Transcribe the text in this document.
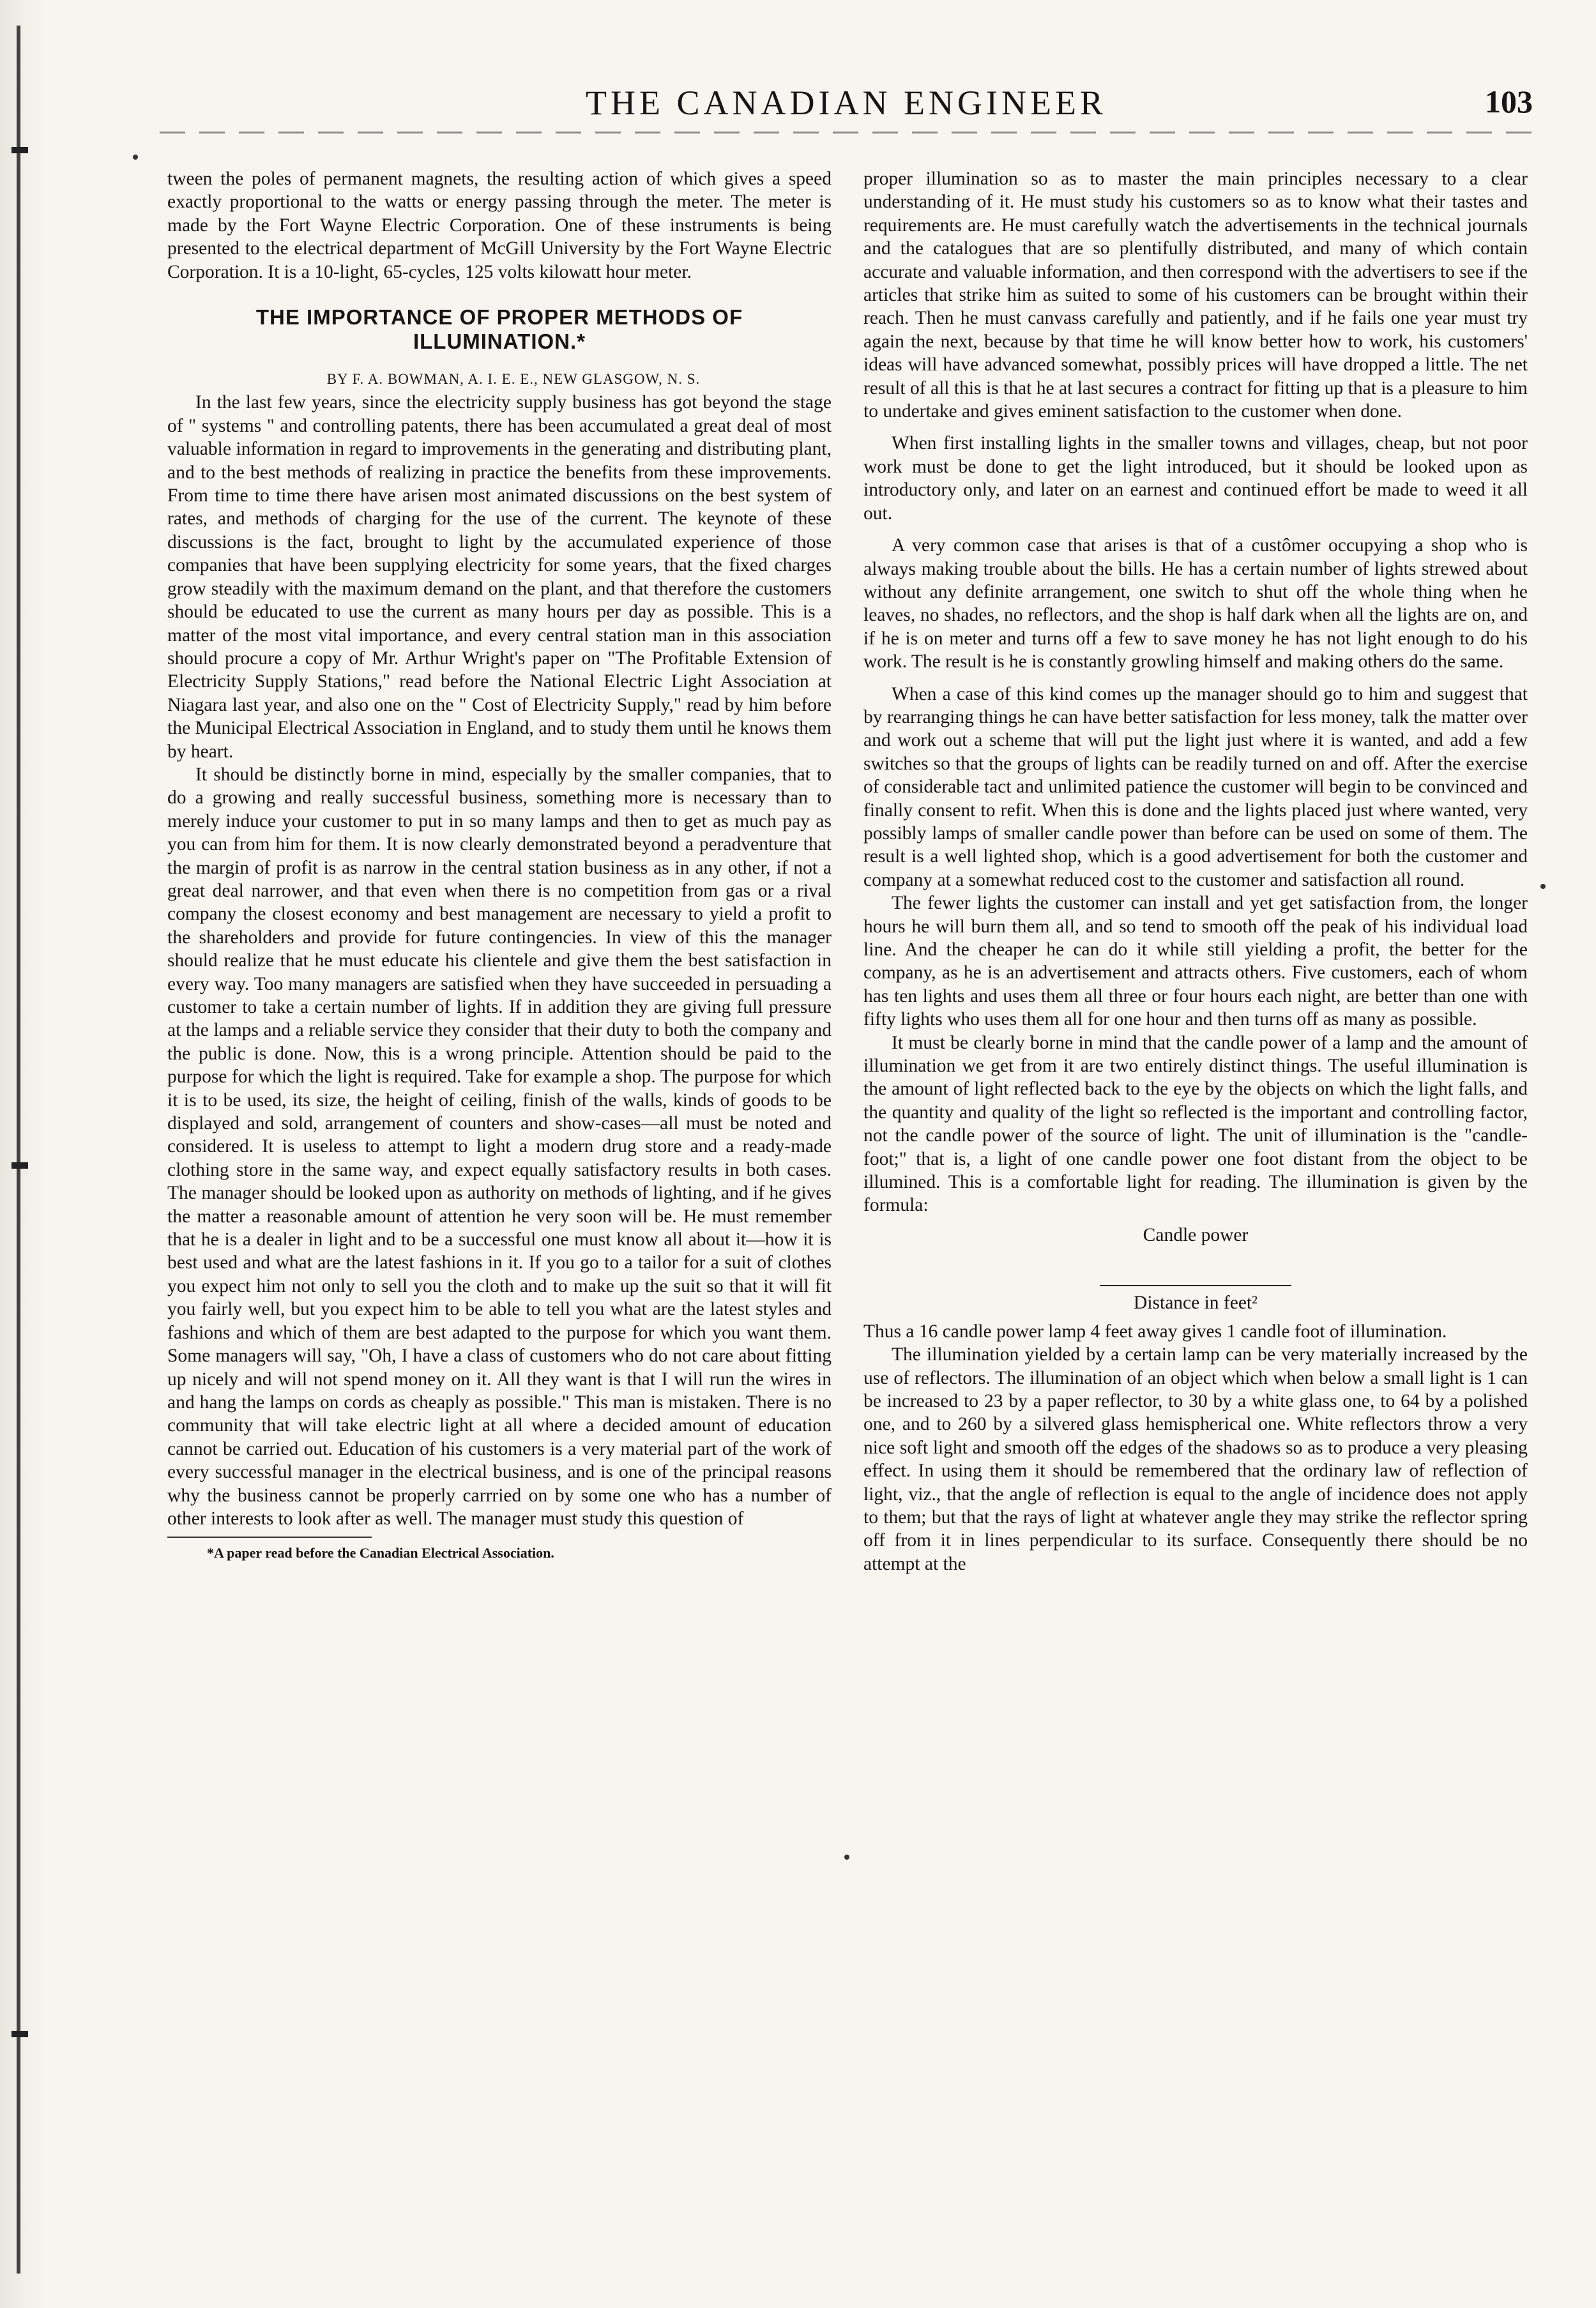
THE CANADIAN ENGINEER	103

tween the poles of permanent magnets, the resulting action of which gives a speed exactly proportional to the watts or energy passing through the meter. The meter is made by the Fort Wayne Electric Corporation. One of these instruments is being presented to the electrical department of McGill University by the Fort Wayne Electric Corporation. It is a 10-light, 65-cycles, 125 volts kilowatt hour meter.

THE IMPORTANCE OF PROPER METHODS OF ILLUMINATION.*

BY F. A. BOWMAN, A. I. E. E., NEW GLASGOW, N. S.

In the last few years, since the electricity supply business has got beyond the stage of " systems " and controlling patents, there has been accumulated a great deal of most valuable information in regard to improvements in the generating and distributing plant, and to the best methods of realizing in practice the benefits from these improvements. From time to time there have arisen most animated discussions on the best system of rates, and methods of charging for the use of the current. The keynote of these discussions is the fact, brought to light by the accumulated experience of those companies that have been supplying electricity for some years, that the fixed charges grow steadily with the maximum demand on the plant, and that therefore the customers should be educated to use the current as many hours per day as possible. This is a matter of the most vital importance, and every central station man in this association should procure a copy of Mr. Arthur Wright's paper on "The Profitable Extension of Electricity Supply Stations," read before the National Electric Light Association at Niagara last year, and also one on the " Cost of Electricity Supply," read by him before the Municipal Electrical Association in England, and to study them until he knows them by heart.

It should be distinctly borne in mind, especially by the smaller companies, that to do a growing and really successful business, something more is necessary than to merely induce your customer to put in so many lamps and then to get as much pay as you can from him for them. It is now clearly demonstrated beyond a peradventure that the margin of profit is as narrow in the central station business as in any other, if not a great deal narrower, and that even when there is no competition from gas or a rival company the closest economy and best management are necessary to yield a profit to the shareholders and provide for future contingencies. In view of this the manager should realize that he must educate his clientele and give them the best satisfaction in every way. Too many managers are satisfied when they have succeeded in persuading a customer to take a certain number of lights. If in addition they are giving full pressure at the lamps and a reliable service they consider that their duty to both the company and the public is done. Now, this is a wrong principle. Attention should be paid to the purpose for which the light is required. Take for example a shop. The purpose for which it is to be used, its size, the height of ceiling, finish of the walls, kinds of goods to be displayed and sold, arrangement of counters and show-cases—all must be noted and considered. It is useless to attempt to light a modern drug store and a ready-made clothing store in the same way, and expect equally satisfactory results in both cases. The manager should be looked upon as authority on methods of lighting, and if he gives the matter a reasonable amount of attention he very soon will be. He must remember that he is a dealer in light and to be a successful one must know all about it—how it is best used and what are the latest fashions in it. If you go to a tailor for a suit of clothes you expect him not only to sell you the cloth and to make up the suit so that it will fit you fairly well, but you expect him to be able to tell you what are the latest styles and fashions and which of them are best adapted to the purpose for which you want them. Some managers will say, "Oh, I have a class of customers who do not care about fitting up nicely and will not spend money on it. All they want is that I will run the wires in and hang the lamps on cords as cheaply as possible." This man is mistaken. There is no community that will take electric light at all where a decided amount of education cannot be carried out. Education of his customers is a very material part of the work of every successful manager in the electrical business, and is one of the principal reasons why the business cannot be properly carrried on by some one who has a number of other interests to look after as well. The manager must study this question of

*A paper read before the Canadian Electrical Association.

proper illumination so as to master the main principles necessary to a clear understanding of it. He must study his customers so as to know what their tastes and requirements are. He must carefully watch the advertisements in the technical journals and the catalogues that are so plentifully distributed, and many of which contain accurate and valuable information, and then correspond with the advertisers to see if the articles that strike him as suited to some of his customers can be brought within their reach. Then he must canvass carefully and patiently, and if he fails one year must try again the next, because by that time he will know better how to work, his customers' ideas will have advanced somewhat, possibly prices will have dropped a little. The net result of all this is that he at last secures a contract for fitting up that is a pleasure to him to undertake and gives eminent satisfaction to the customer when done.

When first installing lights in the smaller towns and villages, cheap, but not poor work must be done to get the light introduced, but it should be looked upon as introductory only, and later on an earnest and continued effort be made to weed it all out.

A very common case that arises is that of a custômer occupying a shop who is always making trouble about the bills. He has a certain number of lights strewed about without any definite arrangement, one switch to shut off the whole thing when he leaves, no shades, no reflectors, and the shop is half dark when all the lights are on, and if he is on meter and turns off a few to save money he has not light enough to do his work. The result is he is constantly growling himself and making others do the same.

When a case of this kind comes up the manager should go to him and suggest that by rearranging things he can have better satisfaction for less money, talk the matter over and work out a scheme that will put the light just where it is wanted, and add a few switches so that the groups of lights can be readily turned on and off. After the exercise of considerable tact and unlimited patience the customer will begin to be convinced and finally consent to refit. When this is done and the lights placed just where wanted, very possibly lamps of smaller candle power than before can be used on some of them. The result is a well lighted shop, which is a good advertisement for both the customer and company at a somewhat reduced cost to the customer and satisfaction all round.

The fewer lights the customer can install and yet get satisfaction from, the longer hours he will burn them all, and so tend to smooth off the peak of his individual load line. And the cheaper he can do it while still yielding a profit, the better for the company, as he is an advertisement and attracts others. Five customers, each of whom has ten lights and uses them all three or four hours each night, are better than one with fifty lights who uses them all for one hour and then turns off as many as possible.

It must be clearly borne in mind that the candle power of a lamp and the amount of illumination we get from it are two entirely distinct things. The useful illumination is the amount of light reflected back to the eye by the objects on which the light falls, and the quantity and quality of the light so reflected is the important and controlling factor, not the candle power of the source of light. The unit of illumination is the "candle-foot;" that is, a light of one candle power one foot distant from the object to be illumined. This is a comfortable light for reading. The illumination is given by the formula:

Candle power
Distance in feet²

Thus a 16 candle power lamp 4 feet away gives 1 candle foot of illumination.

The illumination yielded by a certain lamp can be very materially increased by the use of reflectors. The illumination of an object which when below a small light is 1 can be increased to 23 by a paper reflector, to 30 by a white glass one, to 64 by a polished one, and to 260 by a silvered glass hemispherical one. White reflectors throw a very nice soft light and smooth off the edges of the shadows so as to produce a very pleasing effect. In using them it should be remembered that the ordinary law of reflection of light, viz., that the angle of reflection is equal to the angle of incidence does not apply to them; but that the rays of light at whatever angle they may strike the reflector spring off from it in lines perpendicular to its surface. Consequently there should be no attempt at the
